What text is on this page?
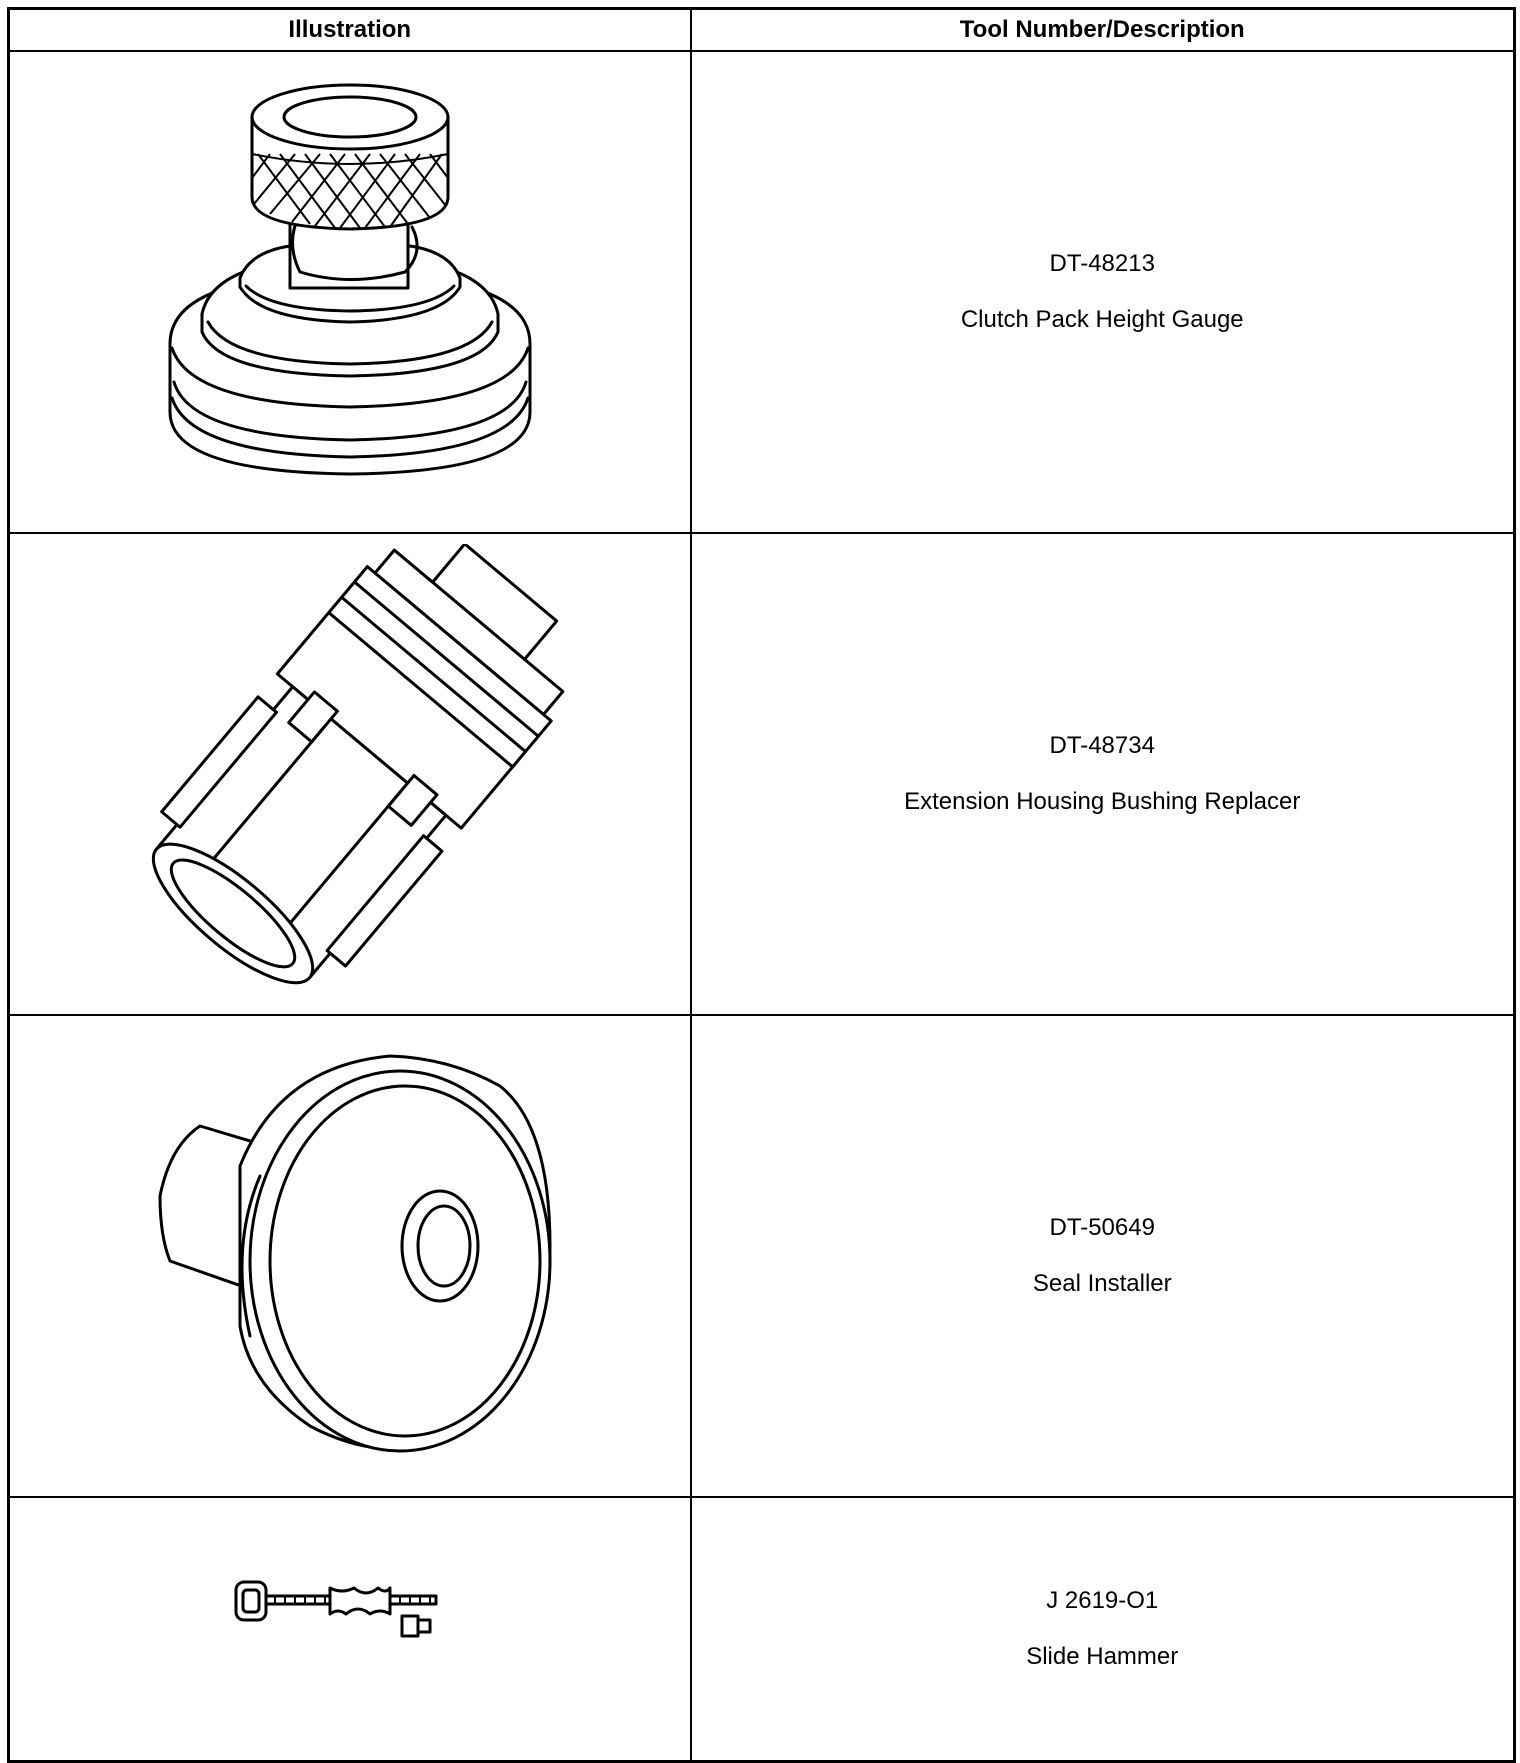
Illustration	Tool Number/Description

DT-48213
Clutch Pack Height Gauge

DT-48734
Extension Housing Bushing Replacer

DT-50649
Seal Installer

J 2619-O1
Slide Hammer
